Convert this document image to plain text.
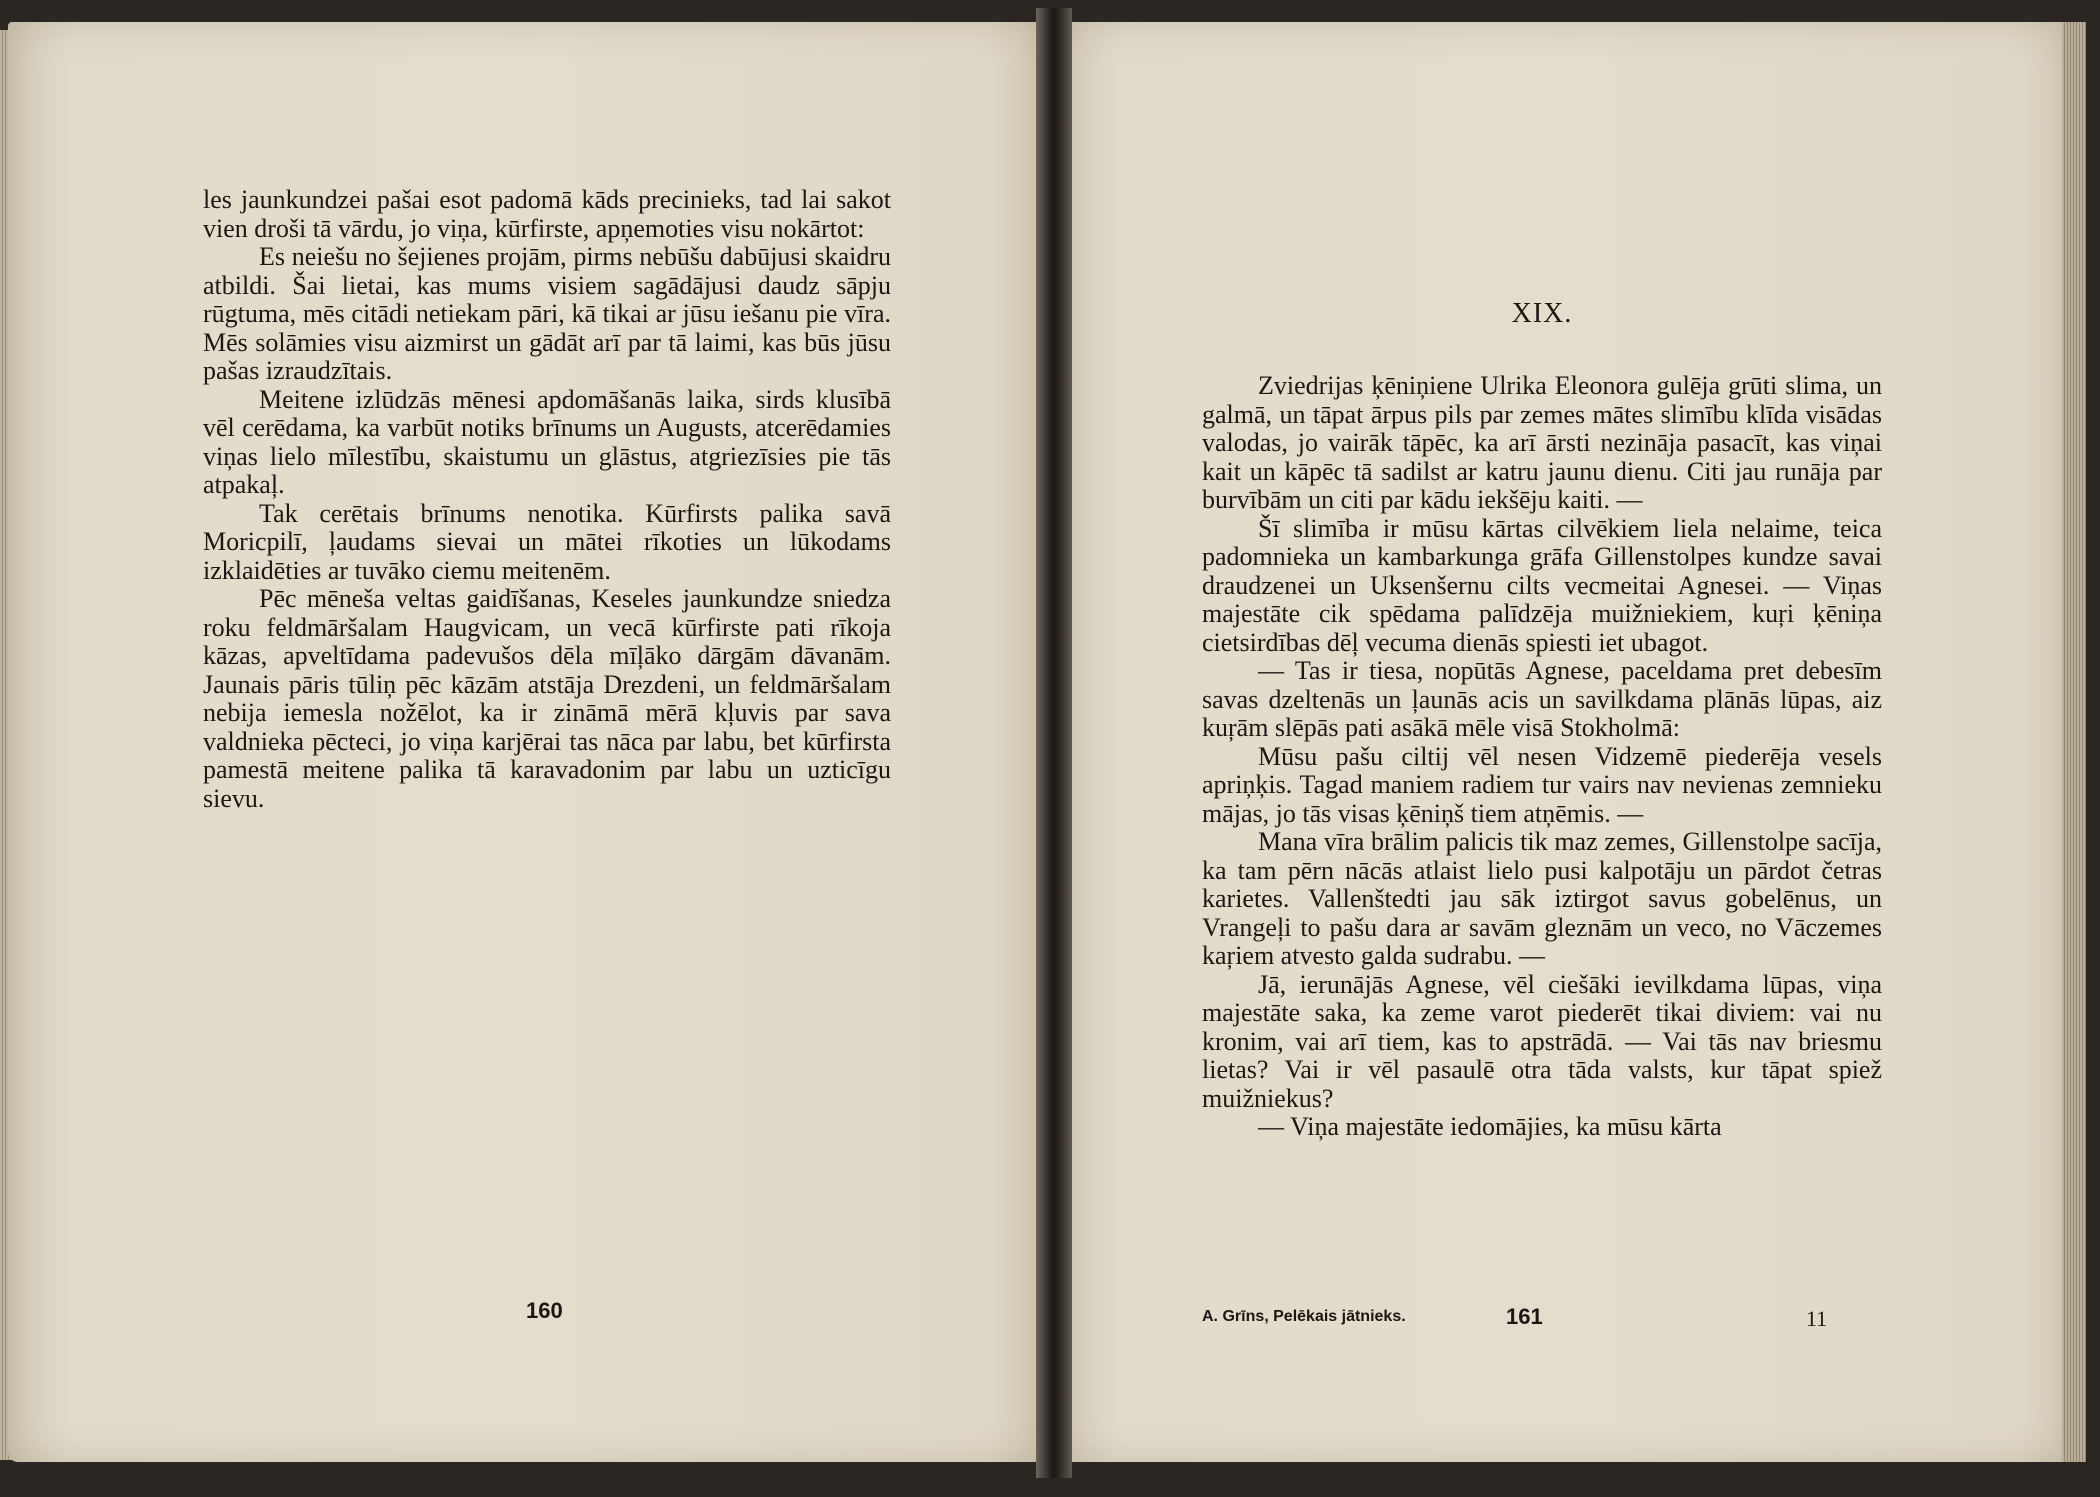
les jaunkundzei pašai esot padomā kāds precinieks, tad lai sakot vien droši tā vārdu, jo viņa, kūrfirste, apņemoties visu nokārtot:

Es neiešu no šejienes projām, pirms nebūšu dabūjusi skaidru atbildi. Šai lietai, kas mums visiem sagādājusi daudz sāpju rūgtuma, mēs citādi netiekam pāri, kā tikai ar jūsu iešanu pie vīra. Mēs solāmies visu aizmirst un gādāt arī par tā laimi, kas būs jūsu pašas izraudzītais.

Meitene izlūdzās mēnesi apdomāšanās laika, sirds klusībā vēl cerēdama, ka varbūt notiks brīnums un Augusts, atcerēdamies viņas lielo mīlestību, skaistumu un glāstus, atgriezīsies pie tās atpakaļ.

Tak cerētais brīnums nenotika. Kūrfirsts palika savā Moricpilī, ļaudams sievai un mātei rīkoties un lūkodams izklaidēties ar tuvāko ciemu meitenēm.

Pēc mēneša veltas gaidīšanas, Keseles jaunkundze sniedza roku feldmāršalam Haugvicam, un vecā kūrfirste pati rīkoja kāzas, apveltīdama padevušos dēla mīļāko dārgām dāvanām. Jaunais pāris tūliņ pēc kāzām atstāja Drezdeni, un feldmāršalam nebija iemesla nožēlot, ka ir zināmā mērā kļuvis par sava valdnieka pēcteci, jo viņa karjērai tas nāca par labu, bet kūrfirsta pamestā meitene palika tā karavadonim par labu un uzticīgu sievu.

160
XIX.

Zviedrijas ķēniņiene Ulrika Eleonora gulēja grūti slima, un galmā, un tāpat ārpus pils par zemes mātes slimību klīda visādas valodas, jo vairāk tāpēc, ka arī ārsti nezināja pasacīt, kas viņai kait un kāpēc tā sadilst ar katru jaunu dienu. Citi jau runāja par burvībām un citi par kādu iekšēju kaiti. —

Šī slimība ir mūsu kārtas cilvēkiem liela nelaime, teica padomnieka un kambarkunga grāfa Gillenstolpes kundze savai draudzenei un Uksenšernu cilts vecmeitai Agnesei. — Viņas majestāte cik spēdama palīdzēja muižniekiem, kuŗi ķēniņa cietsirdības dēļ vecuma dienās spiesti iet ubagot.

— Tas ir tiesa, nopūtās Agnese, paceldama pret debesīm savas dzeltenās un ļaunās acis un savilkdama plānās lūpas, aiz kuŗām slēpās pati asākā mēle visā Stokholmā:

Mūsu pašu ciltij vēl nesen Vidzemē piederēja vesels apriņķis. Tagad maniem radiem tur vairs nav nevienas zemnieku mājas, jo tās visas ķēniņš tiem atņēmis. —

Mana vīra brālim palicis tik maz zemes, Gillenstolpe sacīja, ka tam pērn nācās atlaist lielo pusi kalpotāju un pārdot četras karietes. Vallenštedti jau sāk iztirgot savus gobelēnus, un Vrangeļi to pašu dara ar savām gleznām un veco, no Vāczemes kaŗiem atvesto galda sudrabu. —

Jā, ierunājās Agnese, vēl ciešāki ievilkdama lūpas, viņa majestāte saka, ka zeme varot piederēt tikai diviem: vai nu kronim, vai arī tiem, kas to apstrādā. — Vai tās nav briesmu lietas? Vai ir vēl pasaulē otra tāda valsts, kur tāpat spiež muižniekus?

— Viņa majestāte iedomājies, ka mūsu kārta

A. Grīns, Pelēkais jātnieks.	161	11
